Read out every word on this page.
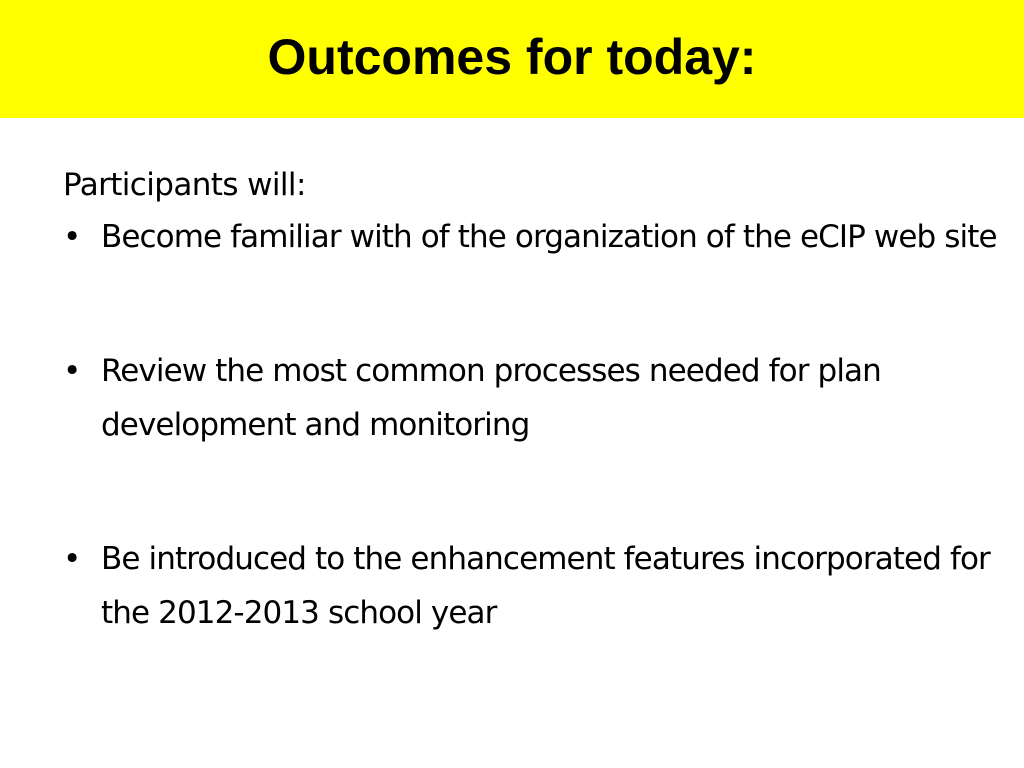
Outcomes for today:

Participants will:

• Become familiar with of the organization of the eCIP web site
• Review the most common processes needed for plan development and monitoring
• Be introduced to the enhancement features incorporated for the 2012-2013 school year
